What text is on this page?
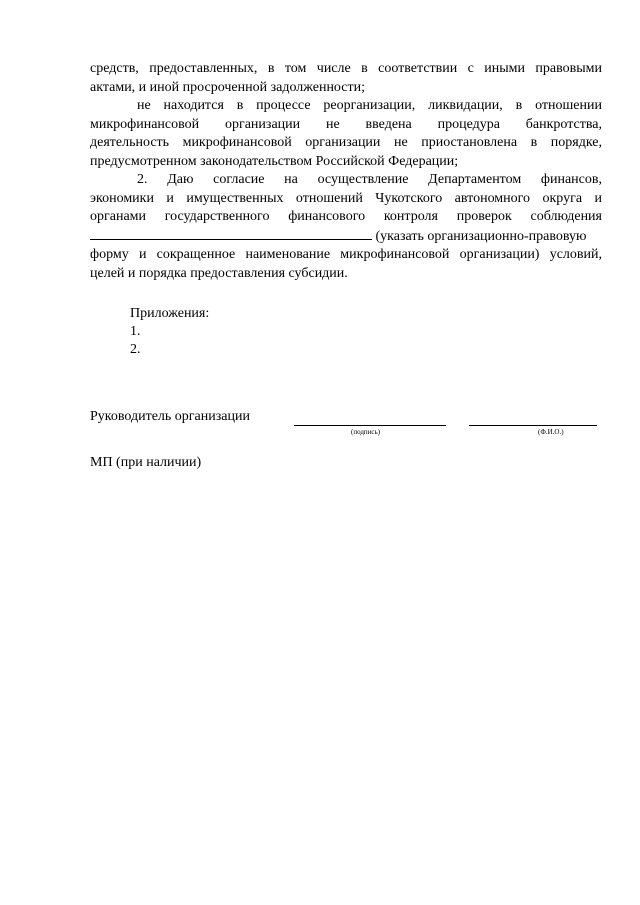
средств, предоставленных, в том числе в соответствии с иными правовыми
актами, и иной просроченной задолженности;
не находится в процессе реорганизации, ликвидации, в отношении
микрофинансовой организации не введена процедура банкротства,
деятельность микрофинансовой организации не приостановлена в порядке,
предусмотренном законодательством Российской Федерации;
2. Даю согласие на осуществление Департаментом финансов,
экономики и имущественных отношений Чукотского автономного округа и
органами государственного финансового контроля проверок соблюдения
(указать организационно-правовую
форму и сокращенное наименование микрофинансовой организации) условий,
целей и порядка предоставления субсидии.
Приложения:
1.
2.
Руководитель организации
(подпись)	(Ф.И.О.)
МП (при наличии)
